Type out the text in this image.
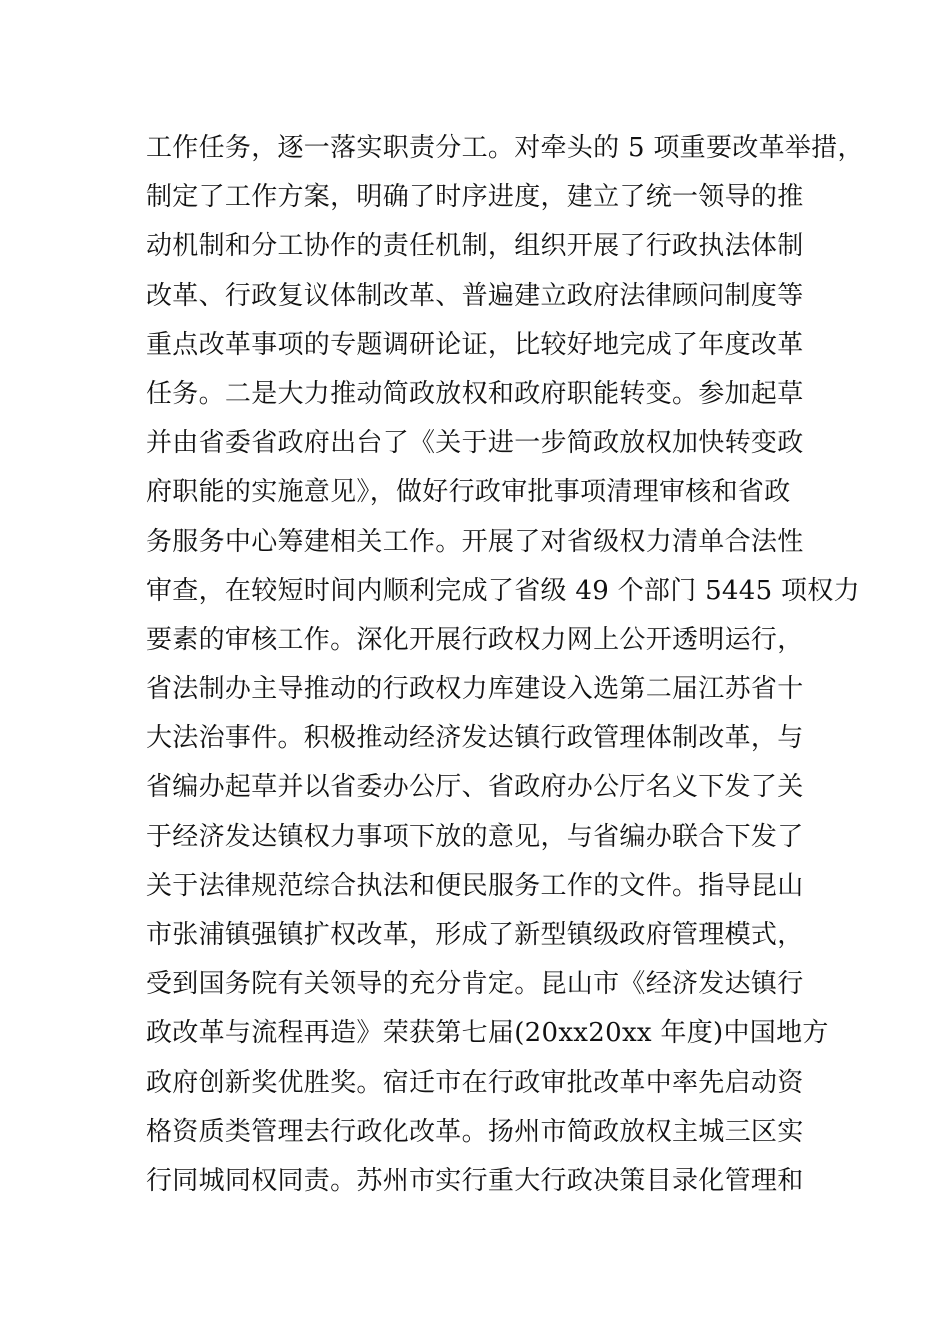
工作任务，逐一落实职责分工。对牵头的 5 项重要改革举措，
制定了工作方案，明确了时序进度，建立了统一领导的推
动机制和分工协作的责任机制，组织开展了行政执法体制
改革、行政复议体制改革、普遍建立政府法律顾问制度等
重点改革事项的专题调研论证，比较好地完成了年度改革
任务。二是大力推动简政放权和政府职能转变。参加起草
并由省委省政府出台了《关于进一步简政放权加快转变政
府职能的实施意见》，做好行政审批事项清理审核和省政
务服务中心筹建相关工作。开展了对省级权力清单合法性
审查，在较短时间内顺利完成了省级 49 个部门 5445 项权力
要素的审核工作。深化开展行政权力网上公开透明运行，
省法制办主导推动的行政权力库建设入选第二届江苏省十
大法治事件。积极推动经济发达镇行政管理体制改革，与
省编办起草并以省委办公厅、省政府办公厅名义下发了关
于经济发达镇权力事项下放的意见，与省编办联合下发了
关于法律规范综合执法和便民服务工作的文件。指导昆山
市张浦镇强镇扩权改革，形成了新型镇级政府管理模式，
受到国务院有关领导的充分肯定。昆山市《经济发达镇行
政改革与流程再造》荣获第七届(20xx20xx 年度)中国地方
政府创新奖优胜奖。宿迁市在行政审批改革中率先启动资
格资质类管理去行政化改革。扬州市简政放权主城三区实
行同城同权同责。苏州市实行重大行政决策目录化管理和
